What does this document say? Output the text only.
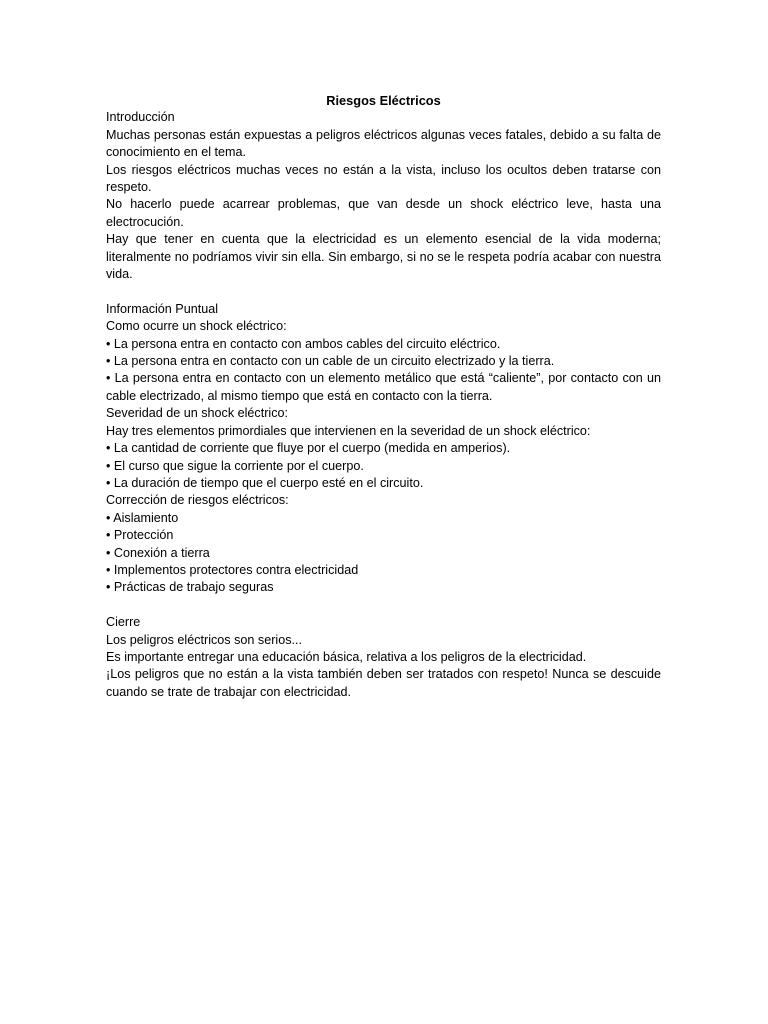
Riesgos Eléctricos

Introducción

Muchas personas están expuestas a peligros eléctricos algunas veces fatales, debido a su falta de conocimiento en el tema.

Los riesgos eléctricos muchas veces no están a la vista, incluso los ocultos deben tratarse con respeto.

No hacerlo puede acarrear problemas, que van desde un shock eléctrico leve, hasta una electrocución.

Hay que tener en cuenta que la electricidad es un elemento esencial de la vida moderna; literalmente no podríamos vivir sin ella. Sin embargo, si no se le respeta podría acabar con nuestra vida.

Información Puntual

Como ocurre un shock eléctrico:

• La persona entra en contacto con ambos cables del circuito eléctrico.

• La persona entra en contacto con un cable de un circuito electrizado y la tierra.

• La persona entra en contacto con un elemento metálico que está “caliente”, por contacto con un cable electrizado, al mismo tiempo que está en contacto con la tierra.

Severidad de un shock eléctrico:

Hay tres elementos primordiales que intervienen en la severidad de un shock eléctrico:

• La cantidad de corriente que fluye por el cuerpo (medida en amperios).

• El curso que sigue la corriente por el cuerpo.

• La duración de tiempo que el cuerpo esté en el circuito.

Corrección de riesgos eléctricos:

• Aislamiento

• Protección

• Conexión a tierra

• Implementos protectores contra electricidad

• Prácticas de trabajo seguras

Cierre

Los peligros eléctricos son serios...

Es importante entregar una educación básica, relativa a los peligros de la electricidad.

¡Los peligros que no están a la vista también deben ser tratados con respeto! Nunca se descuide cuando se trate de trabajar con electricidad.
